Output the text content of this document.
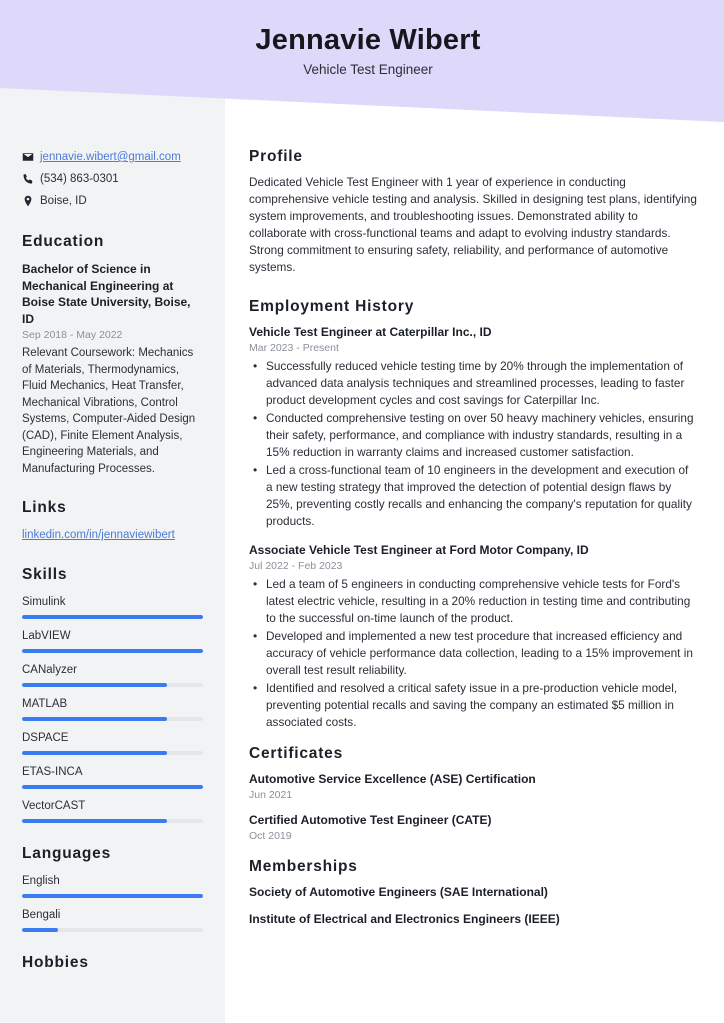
Jennavie Wibert
Vehicle Test Engineer
jennavie.wibert@gmail.com
(534) 863-0301
Boise, ID
Education
Bachelor of Science in Mechanical Engineering at Boise State University, Boise, ID
Sep 2018 - May 2022
Relevant Coursework: Mechanics of Materials, Thermodynamics, Fluid Mechanics, Heat Transfer, Mechanical Vibrations, Control Systems, Computer-Aided Design (CAD), Finite Element Analysis, Engineering Materials, and Manufacturing Processes.
Links
linkedin.com/in/jennaviewibert
Skills
Simulink
LabVIEW
CANalyzer
MATLAB
DSPACE
ETAS-INCA
VectorCAST
Languages
English
Bengali
Hobbies
Profile

Dedicated Vehicle Test Engineer with 1 year of experience in conducting comprehensive vehicle testing and analysis. Skilled in designing test plans, identifying system improvements, and troubleshooting issues. Demonstrated ability to collaborate with cross-functional teams and adapt to evolving industry standards. Strong commitment to ensuring safety, reliability, and performance of automotive systems.

Employment History
Vehicle Test Engineer at Caterpillar Inc., ID
Mar 2023 - Present
• Successfully reduced vehicle testing time by 20% through the implementation of advanced data analysis techniques and streamlined processes, leading to faster product development cycles and cost savings for Caterpillar Inc.
• Conducted comprehensive testing on over 50 heavy machinery vehicles, ensuring their safety, performance, and compliance with industry standards, resulting in a 15% reduction in warranty claims and increased customer satisfaction.
• Led a cross-functional team of 10 engineers in the development and execution of a new testing strategy that improved the detection of potential design flaws by 25%, preventing costly recalls and enhancing the company's reputation for quality products.
Associate Vehicle Test Engineer at Ford Motor Company, ID
Jul 2022 - Feb 2023
• Led a team of 5 engineers in conducting comprehensive vehicle tests for Ford's latest electric vehicle, resulting in a 20% reduction in testing time and contributing to the successful on-time launch of the product.
• Developed and implemented a new test procedure that increased efficiency and accuracy of vehicle performance data collection, leading to a 15% improvement in overall test result reliability.
• Identified and resolved a critical safety issue in a pre-production vehicle model, preventing potential recalls and saving the company an estimated $5 million in associated costs.
Certificates
Automotive Service Excellence (ASE) Certification
Jun 2021
Certified Automotive Test Engineer (CATE)
Oct 2019
Memberships
Society of Automotive Engineers (SAE International)
Institute of Electrical and Electronics Engineers (IEEE)
